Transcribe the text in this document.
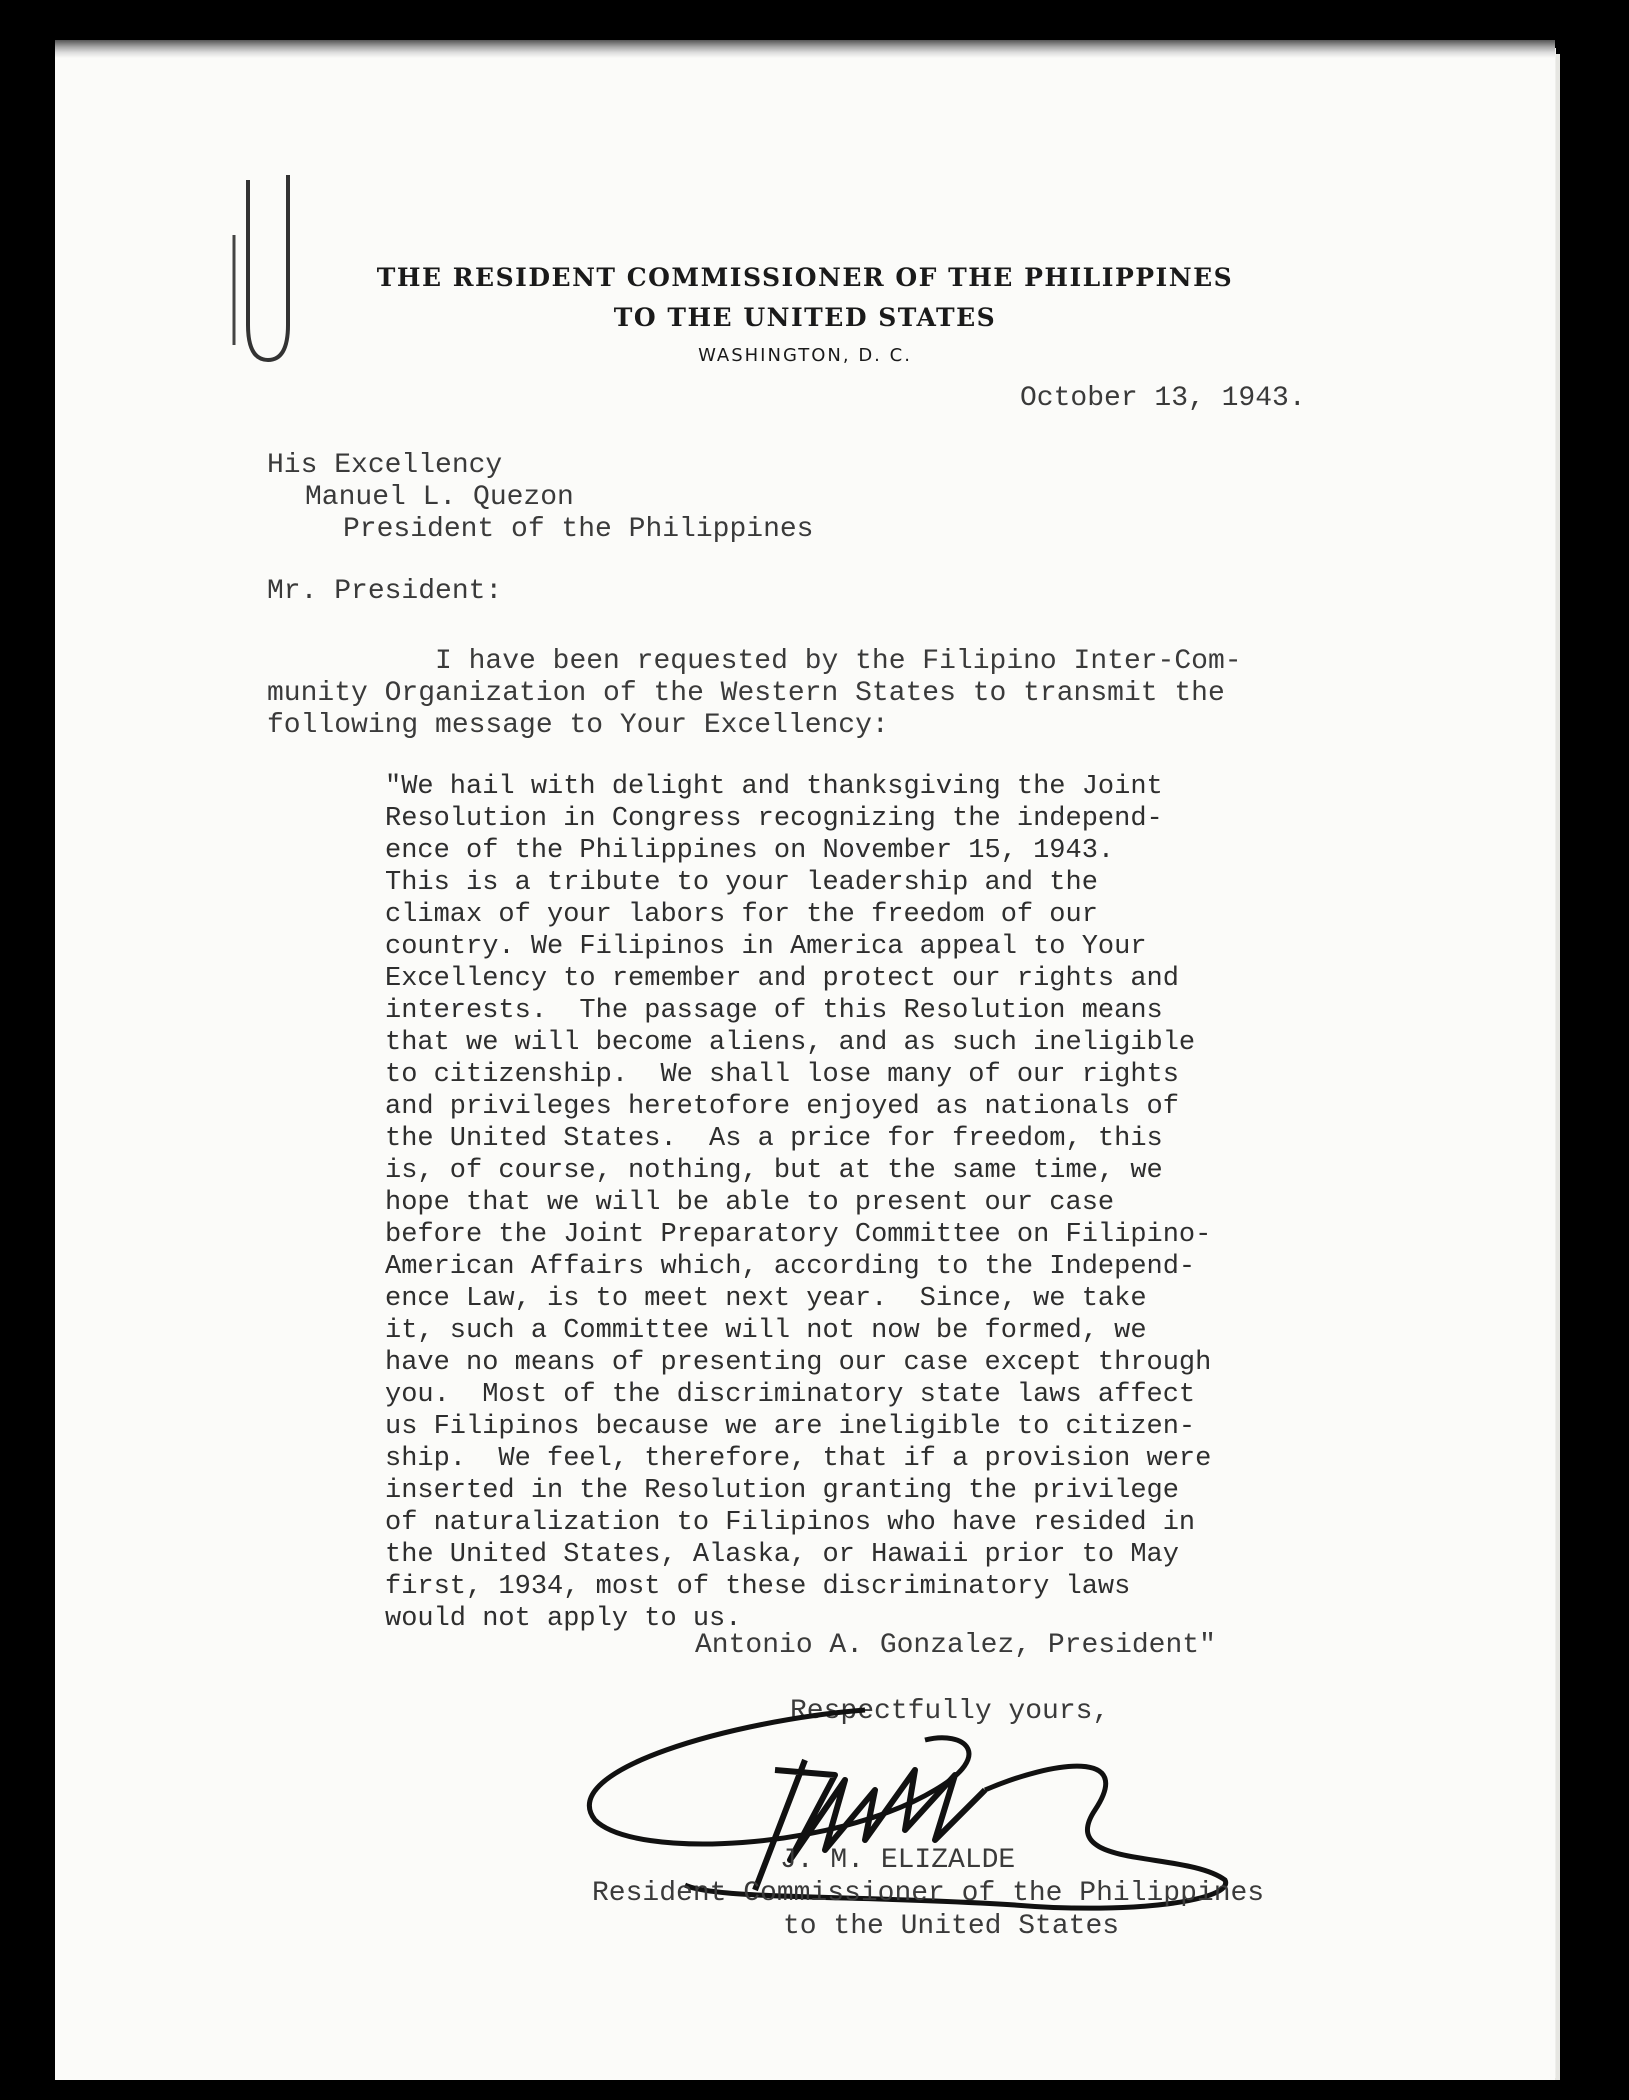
THE RESIDENT COMMISSIONER OF THE PHILIPPINES
TO THE UNITED STATES
WASHINGTON, D. C.
October 13, 1943.
His Excellency
Manuel L. Quezon
President of the Philippines
Mr. President:
I have been requested by the Filipino Inter-Com-
munity Organization of the Western States to transmit the
following message to Your Excellency:
"We hail with delight and thanksgiving the Joint
Resolution in Congress recognizing the independ-
ence of the Philippines on November 15, 1943.
This is a tribute to your leadership and the
climax of your labors for the freedom of our
country. We Filipinos in America appeal to Your
Excellency to remember and protect our rights and
interests.  The passage of this Resolution means
that we will become aliens, and as such ineligible
to citizenship.  We shall lose many of our rights
and privileges heretofore enjoyed as nationals of
the United States.  As a price for freedom, this
is, of course, nothing, but at the same time, we
hope that we will be able to present our case
before the Joint Preparatory Committee on Filipino-
American Affairs which, according to the Independ-
ence Law, is to meet next year.  Since, we take
it, such a Committee will not now be formed, we
have no means of presenting our case except through
you.  Most of the discriminatory state laws affect
us Filipinos because we are ineligible to citizen-
ship.  We feel, therefore, that if a provision were
inserted in the Resolution granting the privilege
of naturalization to Filipinos who have resided in
the United States, Alaska, or Hawaii prior to May
first, 1934, most of these discriminatory laws
would not apply to us.
Antonio A. Gonzalez, President"
Respectfully yours,
J. M. ELIZALDE
Resident Commissioner of the Philippines
to the United States
